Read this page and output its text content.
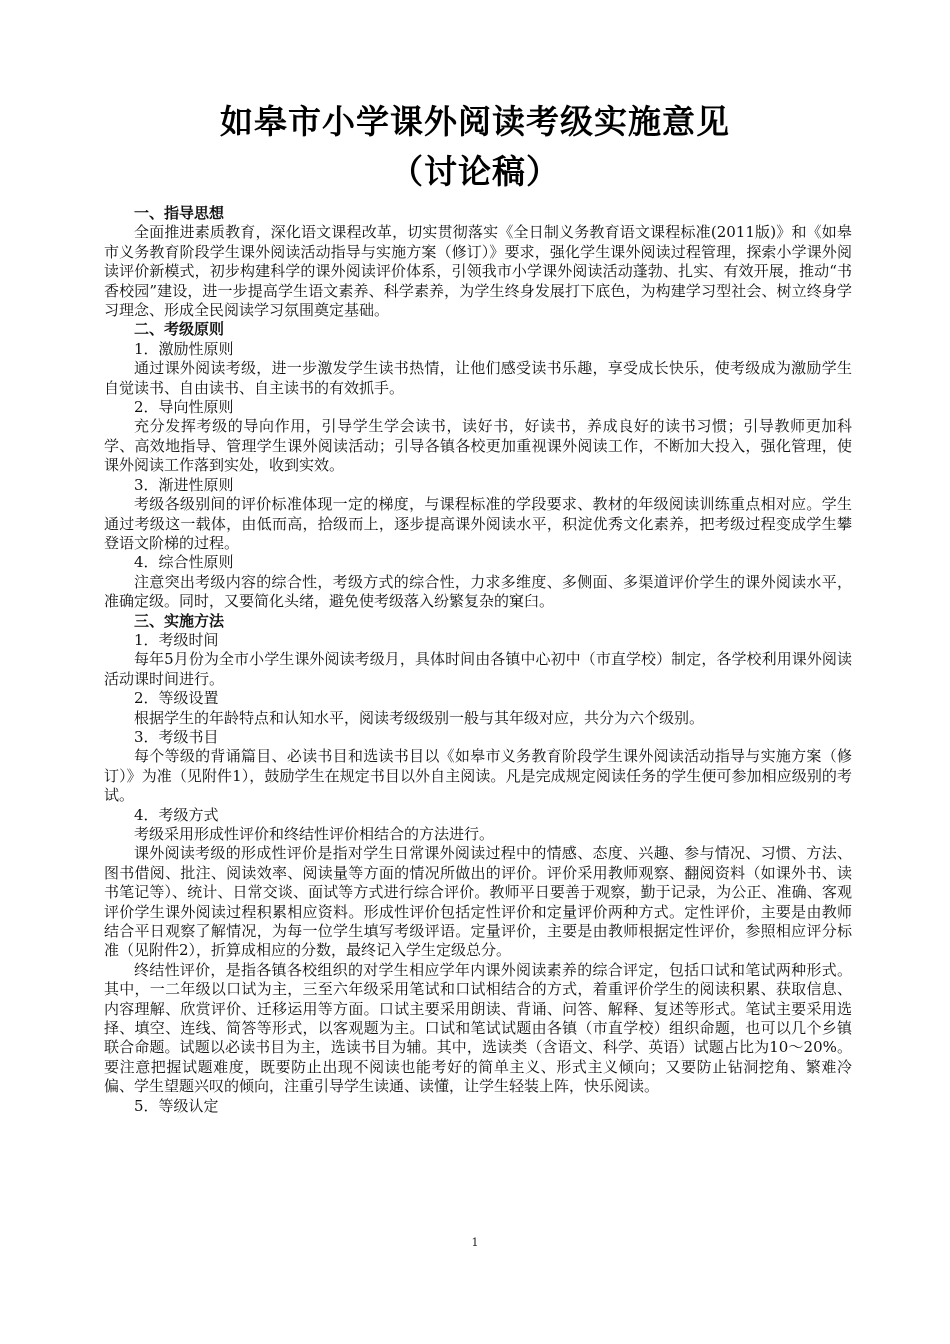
如皋市小学课外阅读考级实施意见
（讨论稿）
一、指导思想

全面推进素质教育，深化语文课程改革，切实贯彻落实《全日制义务教育语文课程标准(2011版)》和《如皋市义务教育阶段学生课外阅读活动指导与实施方案（修订）》要求，强化学生课外阅读过程管理，探索小学课外阅读评价新模式，初步构建科学的课外阅读评价体系，引领我市小学课外阅读活动蓬勃、扎实、有效开展，推动“书香校园”建设，进一步提高学生语文素养、科学素养，为学生终身发展打下底色，为构建学习型社会、树立终身学习理念、形成全民阅读学习氛围奠定基础。

二、考级原则
1．激励性原则

通过课外阅读考级，进一步激发学生读书热情，让他们感受读书乐趣，享受成长快乐，使考级成为激励学生自觉读书、自由读书、自主读书的有效抓手。

2．导向性原则

充分发挥考级的导向作用，引导学生学会读书，读好书，好读书，养成良好的读书习惯；引导教师更加科学、高效地指导、管理学生课外阅读活动；引导各镇各校更加重视课外阅读工作，不断加大投入，强化管理，使课外阅读工作落到实处，收到实效。

3．渐进性原则

考级各级别间的评价标准体现一定的梯度，与课程标准的学段要求、教材的年级阅读训练重点相对应。学生通过考级这一载体，由低而高，拾级而上，逐步提高课外阅读水平，积淀优秀文化素养，把考级过程变成学生攀登语文阶梯的过程。

4．综合性原则

注意突出考级内容的综合性，考级方式的综合性，力求多维度、多侧面、多渠道评价学生的课外阅读水平，准确定级。同时，又要简化头绪，避免使考级落入纷繁复杂的窠臼。

三、实施方法
1．考级时间

每年5月份为全市小学生课外阅读考级月，具体时间由各镇中心初中（市直学校）制定，各学校利用课外阅读活动课时间进行。

2．等级设置

根据学生的年龄特点和认知水平，阅读考级级别一般与其年级对应，共分为六个级别。

3．考级书目

每个等级的背诵篇目、必读书目和选读书目以《如皋市义务教育阶段学生课外阅读活动指导与实施方案（修订）》为准（见附件1），鼓励学生在规定书目以外自主阅读。凡是完成规定阅读任务的学生便可参加相应级别的考试。

4．考级方式

考级采用形成性评价和终结性评价相结合的方法进行。

课外阅读考级的形成性评价是指对学生日常课外阅读过程中的情感、态度、兴趣、参与情况、习惯、方法、图书借阅、批注、阅读效率、阅读量等方面的情况所做出的评价。评价采用教师观察、翻阅资料（如课外书、读书笔记等）、统计、日常交谈、面试等方式进行综合评价。教师平日要善于观察，勤于记录，为公正、准确、客观评价学生课外阅读过程积累相应资料。形成性评价包括定性评价和定量评价两种方式。定性评价，主要是由教师结合平日观察了解情况，为每一位学生填写考级评语。定量评价，主要是由教师根据定性评价，参照相应评分标准（见附件2），折算成相应的分数，最终记入学生定级总分。

终结性评价，是指各镇各校组织的对学生相应学年内课外阅读素养的综合评定，包括口试和笔试两种形式。其中，一二年级以口试为主，三至六年级采用笔试和口试相结合的方式，着重评价学生的阅读积累、获取信息、内容理解、欣赏评价、迁移运用等方面。口试主要采用朗读、背诵、问答、解释、复述等形式。笔试主要采用选择、填空、连线、简答等形式，以客观题为主。口试和笔试试题由各镇（市直学校）组织命题，也可以几个乡镇联合命题。试题以必读书目为主，选读书目为辅。其中，选读类（含语文、科学、英语）试题占比为10～20%。要注意把握试题难度，既要防止出现不阅读也能考好的简单主义、形式主义倾向；又要防止钻洞挖角、繁难冷偏、学生望题兴叹的倾向，注重引导学生读通、读懂，让学生轻装上阵，快乐阅读。

5．等级认定
1
